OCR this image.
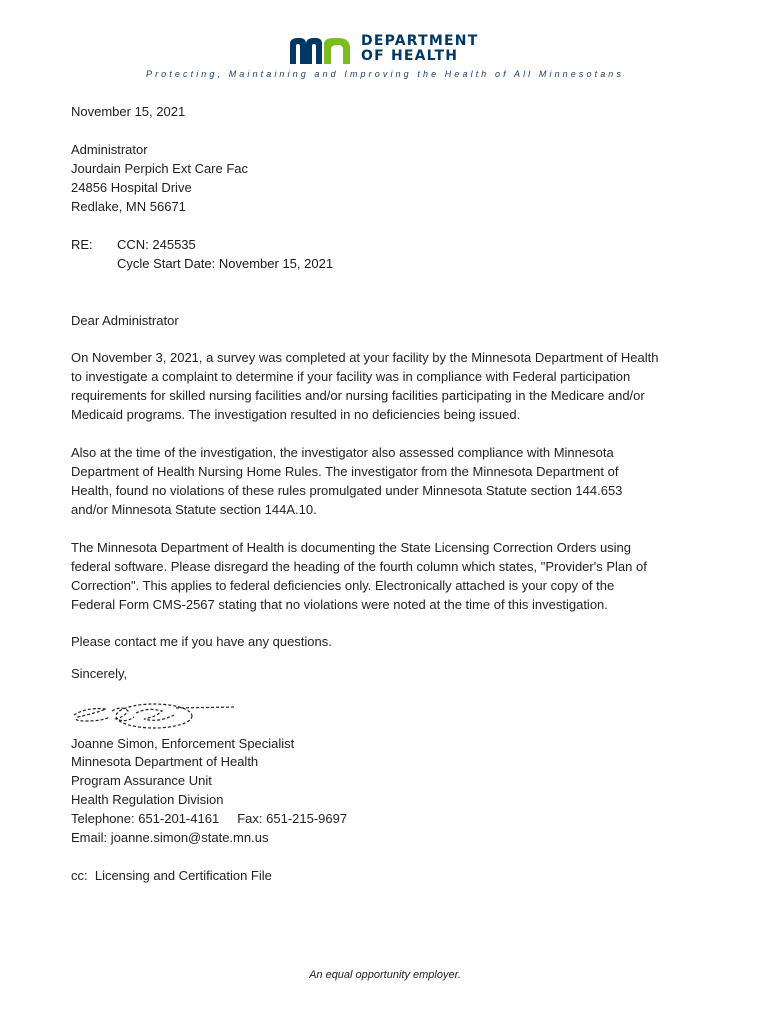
DEPARTMENT
OF HEALTH
Protecting, Maintaining and Improving the Health of All Minnesotans
November 15, 2021
Administrator
Jourdain Perpich Ext Care Fac
24856 Hospital Drive
Redlake, MN 56671
RE: CCN: 245535
Cycle Start Date: November 15, 2021
Dear Administrator
On November 3, 2021, a survey was completed at your facility by the Minnesota Department of Health
to investigate a complaint to determine if your facility was in compliance with Federal participation
requirements for skilled nursing facilities and/or nursing facilities participating in the Medicare and/or
Medicaid programs. The investigation resulted in no deficiencies being issued.
Also at the time of the investigation, the investigator also assessed compliance with Minnesota
Department of Health Nursing Home Rules. The investigator from the Minnesota Department of
Health, found no violations of these rules promulgated under Minnesota Statute section 144.653
and/or Minnesota Statute section 144A.10.
The Minnesota Department of Health is documenting the State Licensing Correction Orders using
federal software. Please disregard the heading of the fourth column which states, "Provider's Plan of
Correction". This applies to federal deficiencies only. Electronically attached is your copy of the
Federal Form CMS-2567 stating that no violations were noted at the time of this investigation.
Please contact me if you have any questions.
Sincerely,
Joanne Simon, Enforcement Specialist
Minnesota Department of Health
Program Assurance Unit
Health Regulation Division
Telephone: 651-201-4161     Fax: 651-215-9697
Email: joanne.simon@state.mn.us
cc:  Licensing and Certification File
An equal opportunity employer.
